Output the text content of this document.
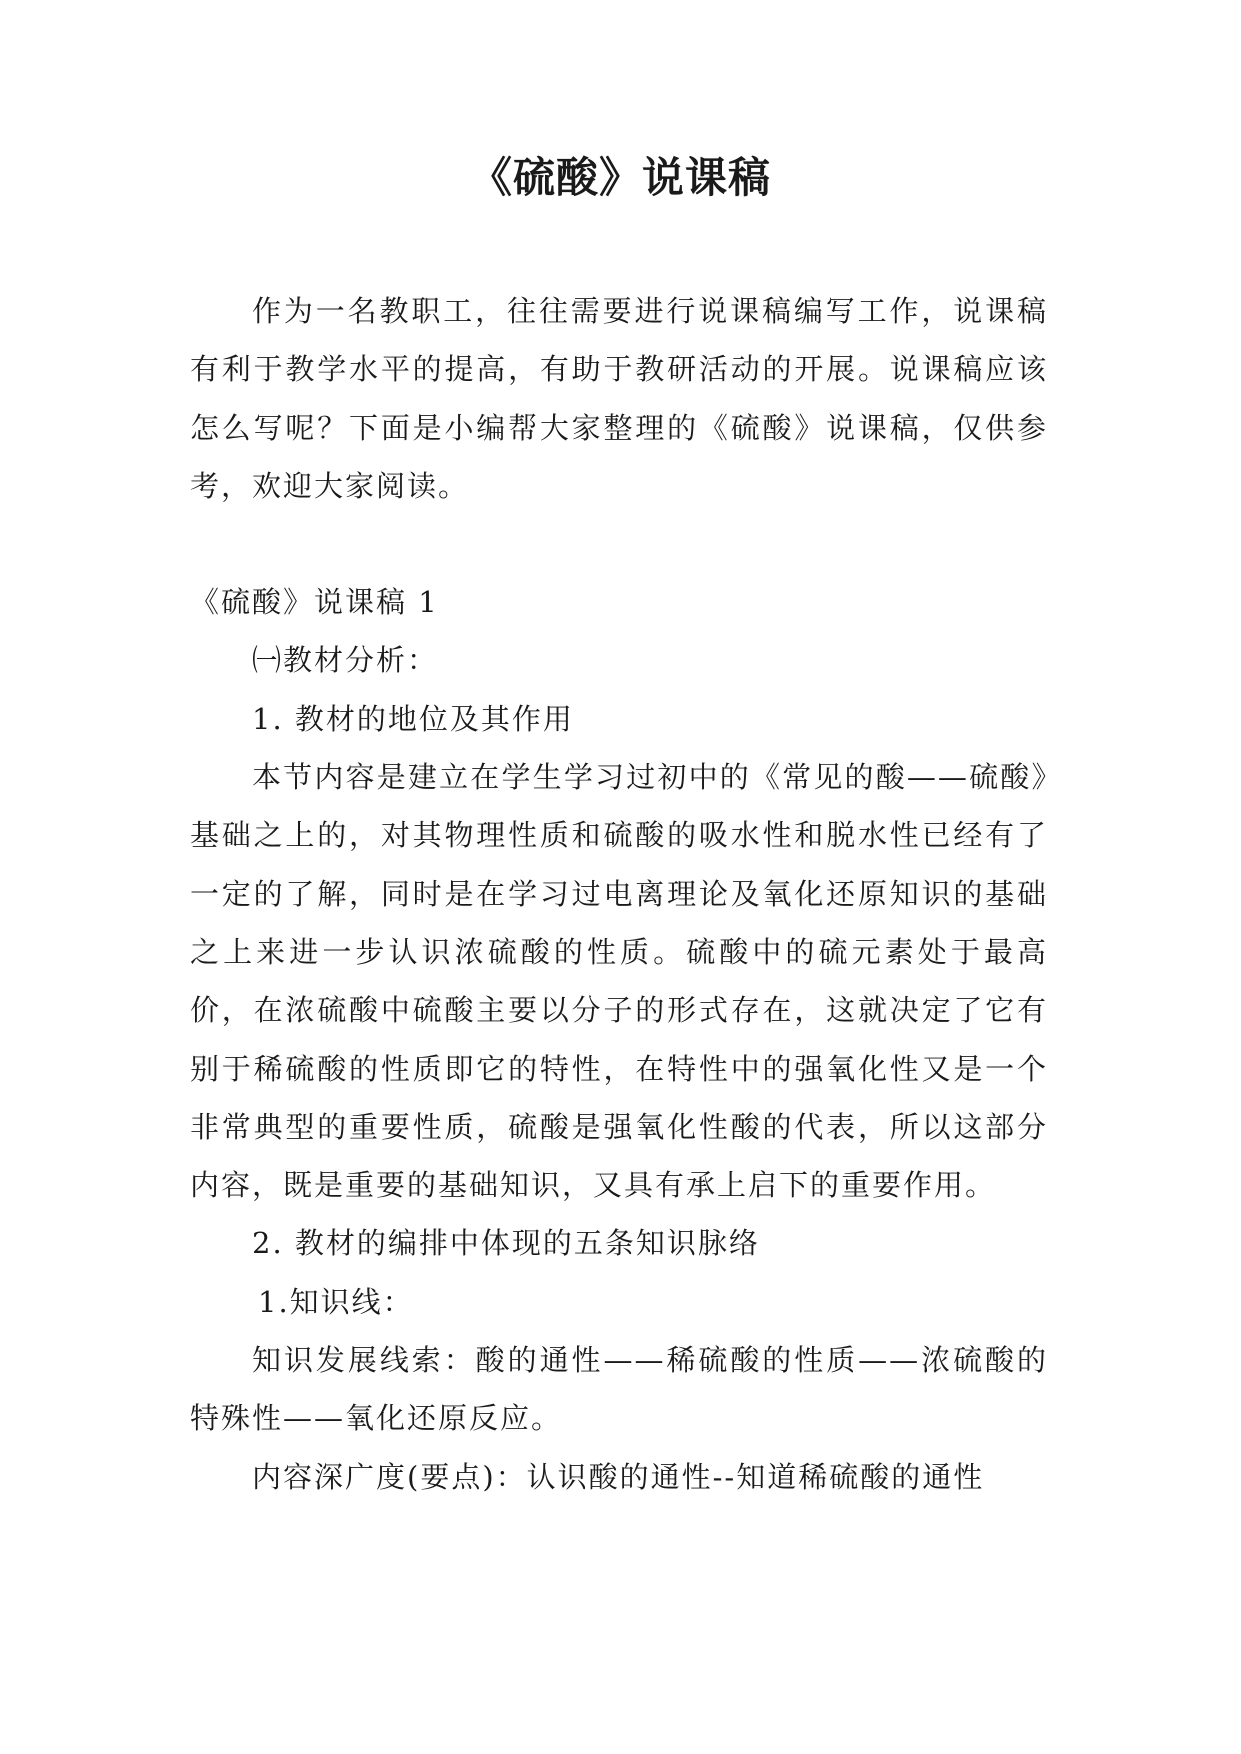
《硫酸》说课稿

作为一名教职工，往往需要进行说课稿编写工作，说课稿有利于教学水平的提高，有助于教研活动的开展。说课稿应该怎么写呢？下面是小编帮大家整理的《硫酸》说课稿，仅供参考，欢迎大家阅读。

《硫酸》说课稿 1

㈠教材分析：

1. 教材的地位及其作用

本节内容是建立在学生学习过初中的《常见的酸——硫酸》基础之上的，对其物理性质和硫酸的吸水性和脱水性已经有了一定的了解，同时是在学习过电离理论及氧化还原知识的基础之上来进一步认识浓硫酸的性质。硫酸中的硫元素处于最高价，在浓硫酸中硫酸主要以分子的形式存在，这就决定了它有别于稀硫酸的性质即它的特性，在特性中的强氧化性又是一个非常典型的重要性质，硫酸是强氧化性酸的代表，所以这部分内容，既是重要的基础知识，又具有承上启下的重要作用。

2. 教材的编排中体现的五条知识脉络

1.知识线：

知识发展线索：酸的通性——稀硫酸的性质——浓硫酸的特殊性——氧化还原反应。

内容深广度(要点)：认识酸的通性--知道稀硫酸的通性
